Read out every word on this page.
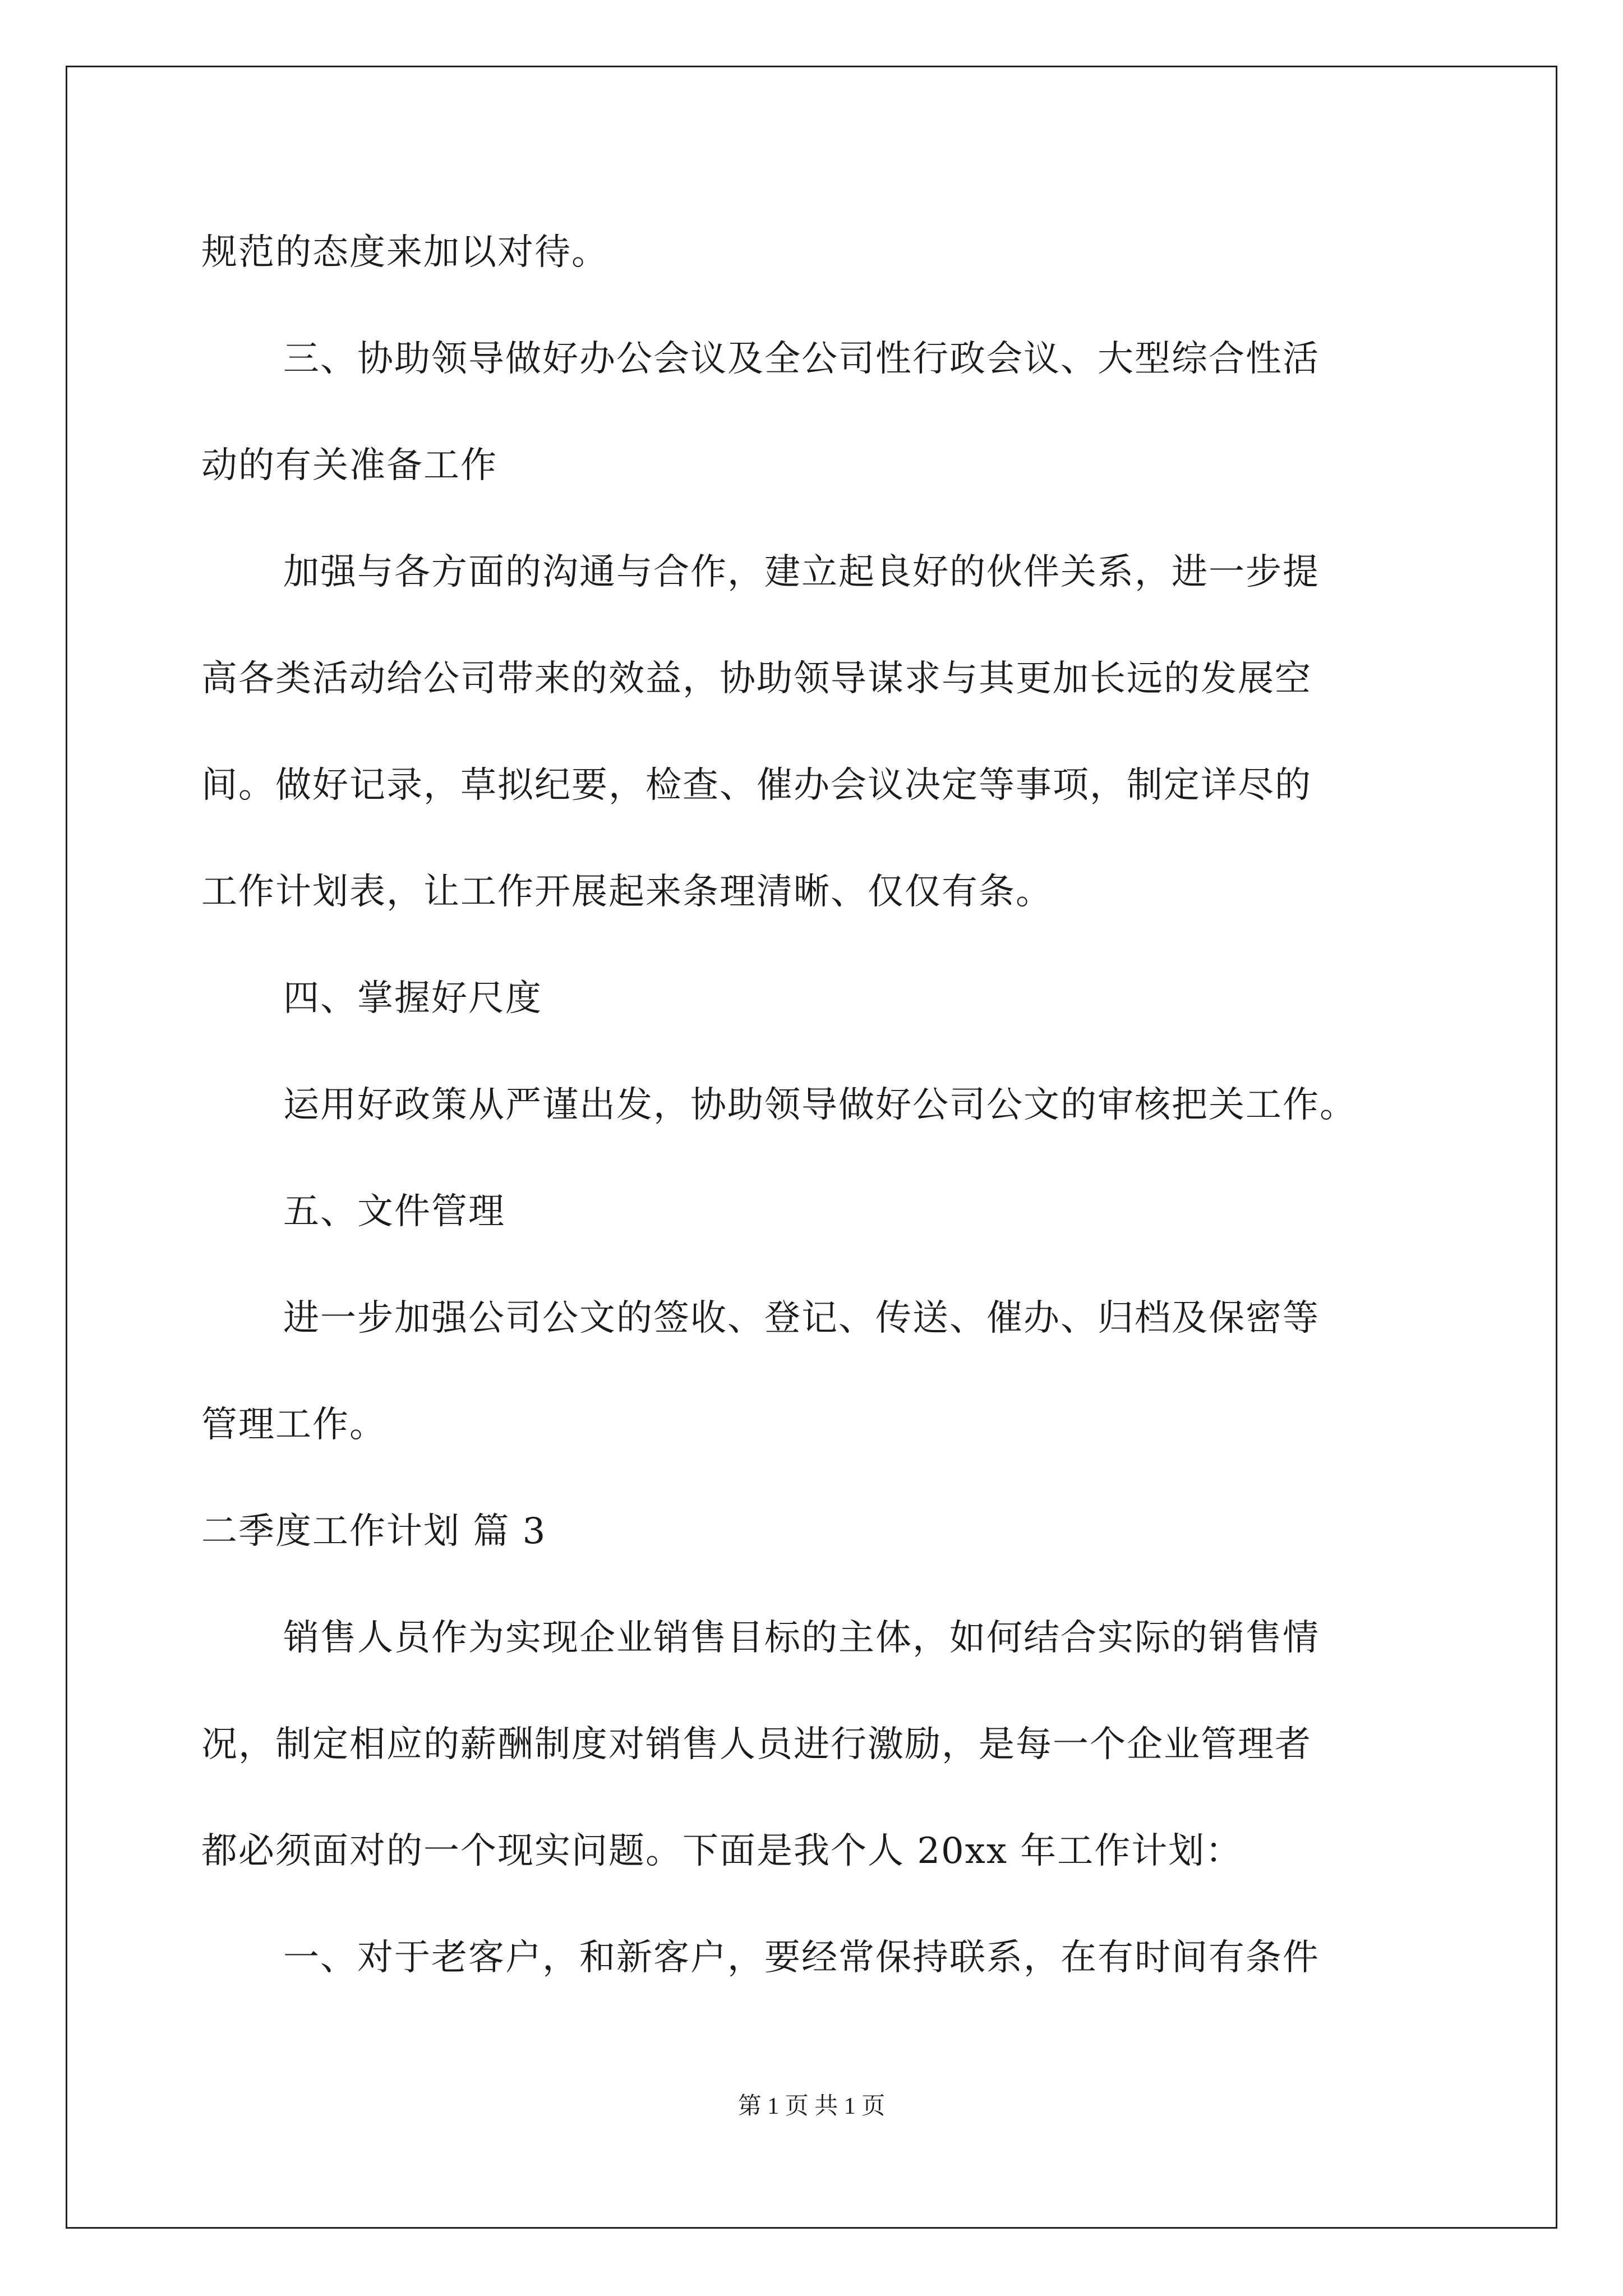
规范的态度来加以对待。
三、协助领导做好办公会议及全公司性行政会议、大型综合性活
动的有关准备工作
加强与各方面的沟通与合作，建立起良好的伙伴关系，进一步提
高各类活动给公司带来的效益，协助领导谋求与其更加长远的发展空
间。做好记录，草拟纪要，检查、催办会议决定等事项，制定详尽的
工作计划表，让工作开展起来条理清晰、仅仅有条。
四、掌握好尺度
运用好政策从严谨出发，协助领导做好公司公文的审核把关工作。
五、文件管理
进一步加强公司公文的签收、登记、传送、催办、归档及保密等
管理工作。
二季度工作计划 篇 3
销售人员作为实现企业销售目标的主体，如何结合实际的销售情
况，制定相应的薪酬制度对销售人员进行激励，是每一个企业管理者
都必须面对的一个现实问题。下面是我个人 20xx 年工作计划：
一、对于老客户，和新客户，要经常保持联系，在有时间有条件
第 1 页 共 1 页
